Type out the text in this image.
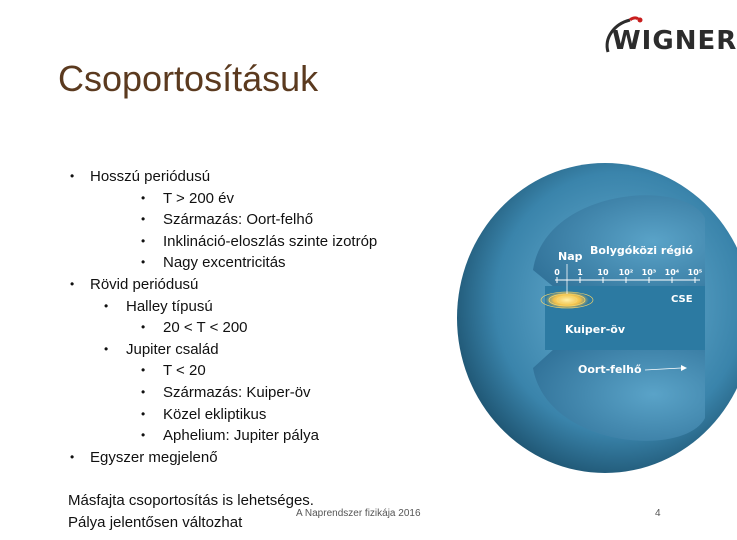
WIGNER
Csoportosításuk
• Hosszú periódusú
• T > 200 év
• Származás: Oort-felhő
• Inklináció-eloszlás szinte izotróp
• Nagy excentricitás
• Rövid periódusú
• Halley típusú
• 20 < T < 200
• Jupiter család
• T < 20
• Származás: Kuiper-öv
• Közel ekliptikus
• Aphelium: Jupiter pálya
• Egyszer megjelenő
Másfajta csoportosítás is lehetséges.
Pálya jelentősen változhat
A Naprendszer fizikája 2016	4
0 1 10 10² 10³ 10⁴ 10⁵
Nap Bolygóközi régió
CSE
Kuiper-öv
Oort-felhő
